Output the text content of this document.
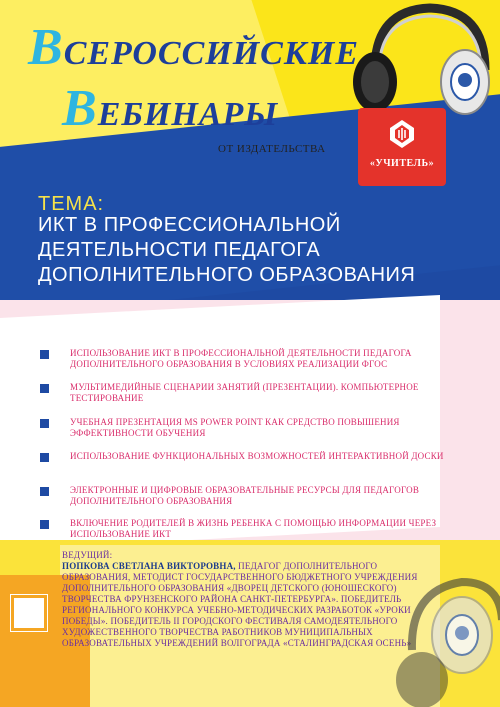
ВСЕРОССИЙСКИЕ
ВЕБИНАРЫ
ОТ ИЗДАТЕЛЬСТВА
«УЧИТЕЛЬ»
ТЕМА:
ИКТ В ПРОФЕССИОНАЛЬНОЙ ДЕЯТЕЛЬНОСТИ ПЕДАГОГА ДОПОЛНИТЕЛЬНОГО ОБРАЗОВАНИЯ
ИСПОЛЬЗОВАНИЕ ИКТ В ПРОФЕССИОНАЛЬНОЙ ДЕЯТЕЛЬНОСТИ ПЕДАГОГА ДОПОЛНИТЕЛЬНОГО ОБРАЗОВАНИЯ В УСЛОВИЯХ РЕАЛИЗАЦИИ ФГОС
МУЛЬТИМЕДИЙНЫЕ СЦЕНАРИИ ЗАНЯТИЙ (ПРЕЗЕНТАЦИИ). КОМПЬЮТЕРНОЕ ТЕСТИРОВАНИЕ
УЧЕБНАЯ ПРЕЗЕНТАЦИЯ MS POWER POINT КАК СРЕДСТВО ПОВЫШЕНИЯ ЭФФЕКТИВНОСТИ ОБУЧЕНИЯ
ИСПОЛЬЗОВАНИЕ ФУНКЦИОНАЛЬНЫХ ВОЗМОЖНОСТЕЙ ИНТЕРАКТИВНОЙ ДОСКИ
ЭЛЕКТРОННЫЕ И ЦИФРОВЫЕ ОБРАЗОВАТЕЛЬНЫЕ РЕСУРСЫ ДЛЯ ПЕДАГОГОВ ДОПОЛНИТЕЛЬНОГО ОБРАЗОВАНИЯ
ВКЛЮЧЕНИЕ РОДИТЕЛЕЙ В ЖИЗНЬ РЕБЕНКА С ПОМОЩЬЮ ИНФОРМАЦИИ ЧЕРЕЗ ИСПОЛЬЗОВАНИЕ ИКТ
ВЕДУЩИЙ:
ПОПКОВА СВЕТЛАНА ВИКТОРОВНА, ПЕДАГОГ ДОПОЛНИТЕЛЬНОГО ОБРАЗОВАНИЯ, МЕТОДИСТ ГОСУДАРСТВЕННОГО БЮДЖЕТНОГО УЧРЕЖДЕНИЯ ДОПОЛНИТЕЛЬНОГО ОБРАЗОВАНИЯ «ДВОРЕЦ ДЕТСКОГО (ЮНОШЕСКОГО) ТВОРЧЕСТВА ФРУНЗЕНСКОГО РАЙОНА САНКТ-ПЕТЕРБУРГА». ПОБЕДИТЕЛЬ РЕГИОНАЛЬНОГО КОНКУРСА УЧЕБНО-МЕТОДИЧЕСКИХ РАЗРАБОТОК «УРОКИ ПОБЕДЫ». ПОБЕДИТЕЛЬ II ГОРОДСКОГО ФЕСТИВАЛЯ САМОДЕЯТЕЛЬНОГО ХУДОЖЕСТВЕННОГО ТВОРЧЕСТВА РАБОТНИКОВ МУНИЦИПАЛЬНЫХ ОБРАЗОВАТЕЛЬНЫХ УЧРЕЖДЕНИЙ ВОЛГОГРАДА «СТАЛИНГРАДСКАЯ ОСЕНЬ»
